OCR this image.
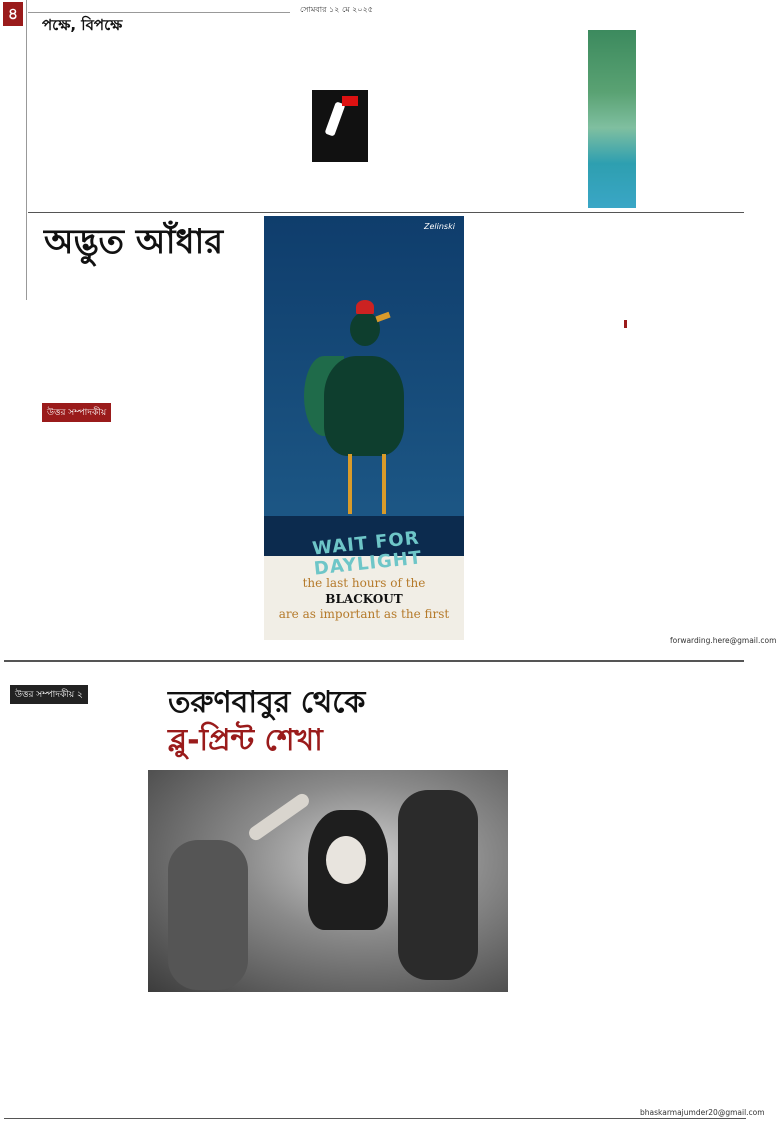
৪	সোমবার ১২ মে ২০২৫
পক্ষে, বিপক্ষে
অদ্ভুত আঁধার
উত্তর সম্পাদকীয়
WAIT FOR DAYLIGHT
the last hours of the BLACKOUT
are as important as the first
Zelinski
forwarding.here@gmail.com
উত্তর সম্পাদকীয় ২	তরুণবাবুর থেকে
ব্লু-প্রিন্ট শেখা
bhaskarmajumder20@gmail.com
